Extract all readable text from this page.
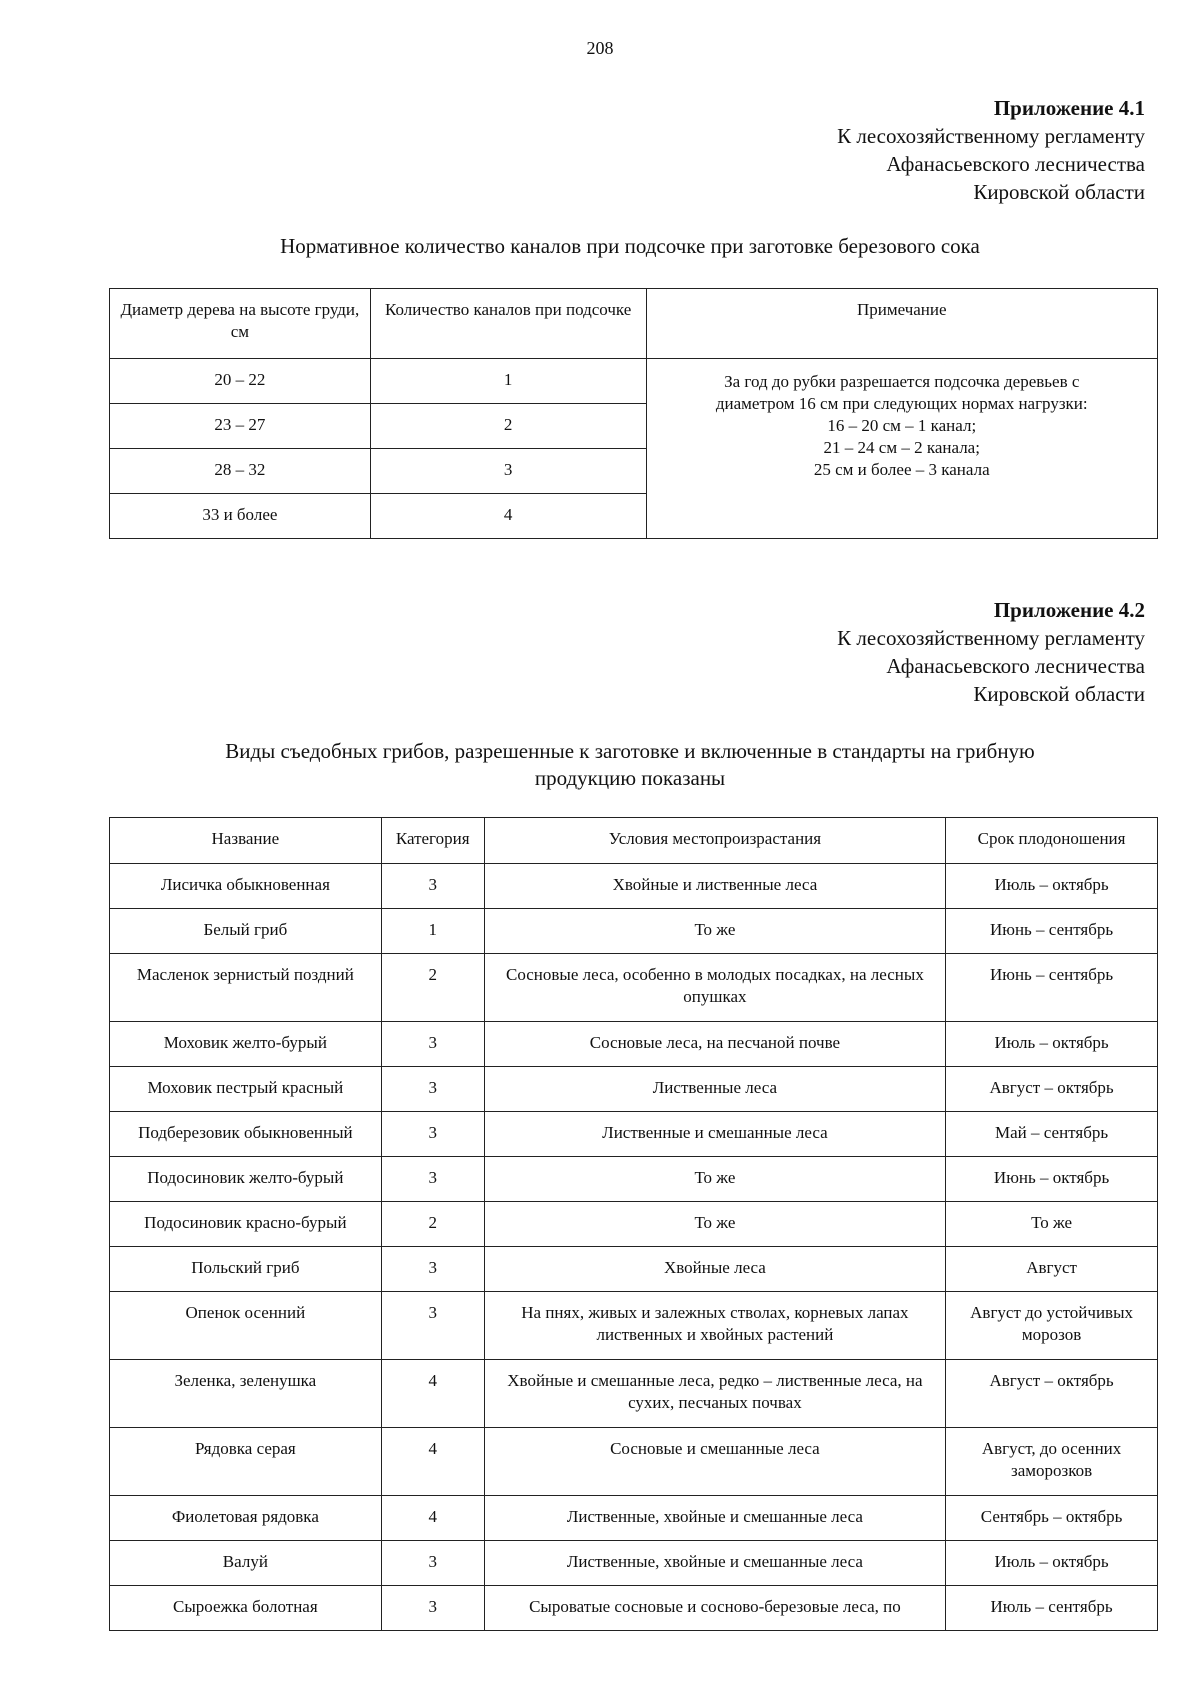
208
Приложение 4.1
К лесохозяйственному регламенту
Афанасьевского лесничества
Кировской области
Нормативное количество каналов при подсочке при заготовке березового сока
Диаметр дерева на высоте груди, см	Количество каналов при подсочке	Примечание
20 – 22	1	За год до рубки разрешается подсочка деревьев с
диаметром 16 см при следующих нормах нагрузки:
16 – 20 см – 1 канал;
21 – 24 см – 2 канала;
25 см и более – 3 канала

23 – 27	2	
28 – 32	3	
33 и более	4	
Приложение 4.2
К лесохозяйственному регламенту
Афанасьевского лесничества
Кировской области
Виды съедобных грибов, разрешенные к заготовке и включенные в стандарты на грибную
продукцию показаны
Название	Категория	Условия местопроизрастания	Срок плодоношения
Лисичка обыкновенная	3	Хвойные и лиственные леса	Июль – октябрь
Белый гриб	1	То же	Июнь – сентябрь
Масленок зернистый поздний	2	Сосновые леса, особенно в молодых посадках, на лесных опушках	Июнь – сентябрь
Моховик желто-бурый	3	Сосновые леса, на песчаной почве	Июль – октябрь
Моховик пестрый красный	3	Лиственные леса	Август – октябрь
Подберезовик обыкновенный	3	Лиственные и смешанные леса	Май – сентябрь
Подосиновик желто-бурый	3	То же	Июнь – октябрь
Подосиновик красно-бурый	2	То же	То же
Польский гриб	3	Хвойные леса	Август
Опенок осенний	3	На пнях, живых и залежных стволах, корневых лапах лиственных и хвойных растений	Август до устойчивых морозов
Зеленка, зеленушка	4	Хвойные и смешанные леса, редко – лиственные леса, на сухих, песчаных почвах	Август – октябрь
Рядовка серая	4	Сосновые и смешанные леса	Август, до осенних заморозков
Фиолетовая рядовка	4	Лиственные, хвойные и смешанные леса	Сентябрь – октябрь
Валуй	3	Лиственные, хвойные и смешанные леса	Июль – октябрь
Сыроежка болотная	3	Сыроватые сосновые и сосново-березовые леса, по	Июль – сентябрь
